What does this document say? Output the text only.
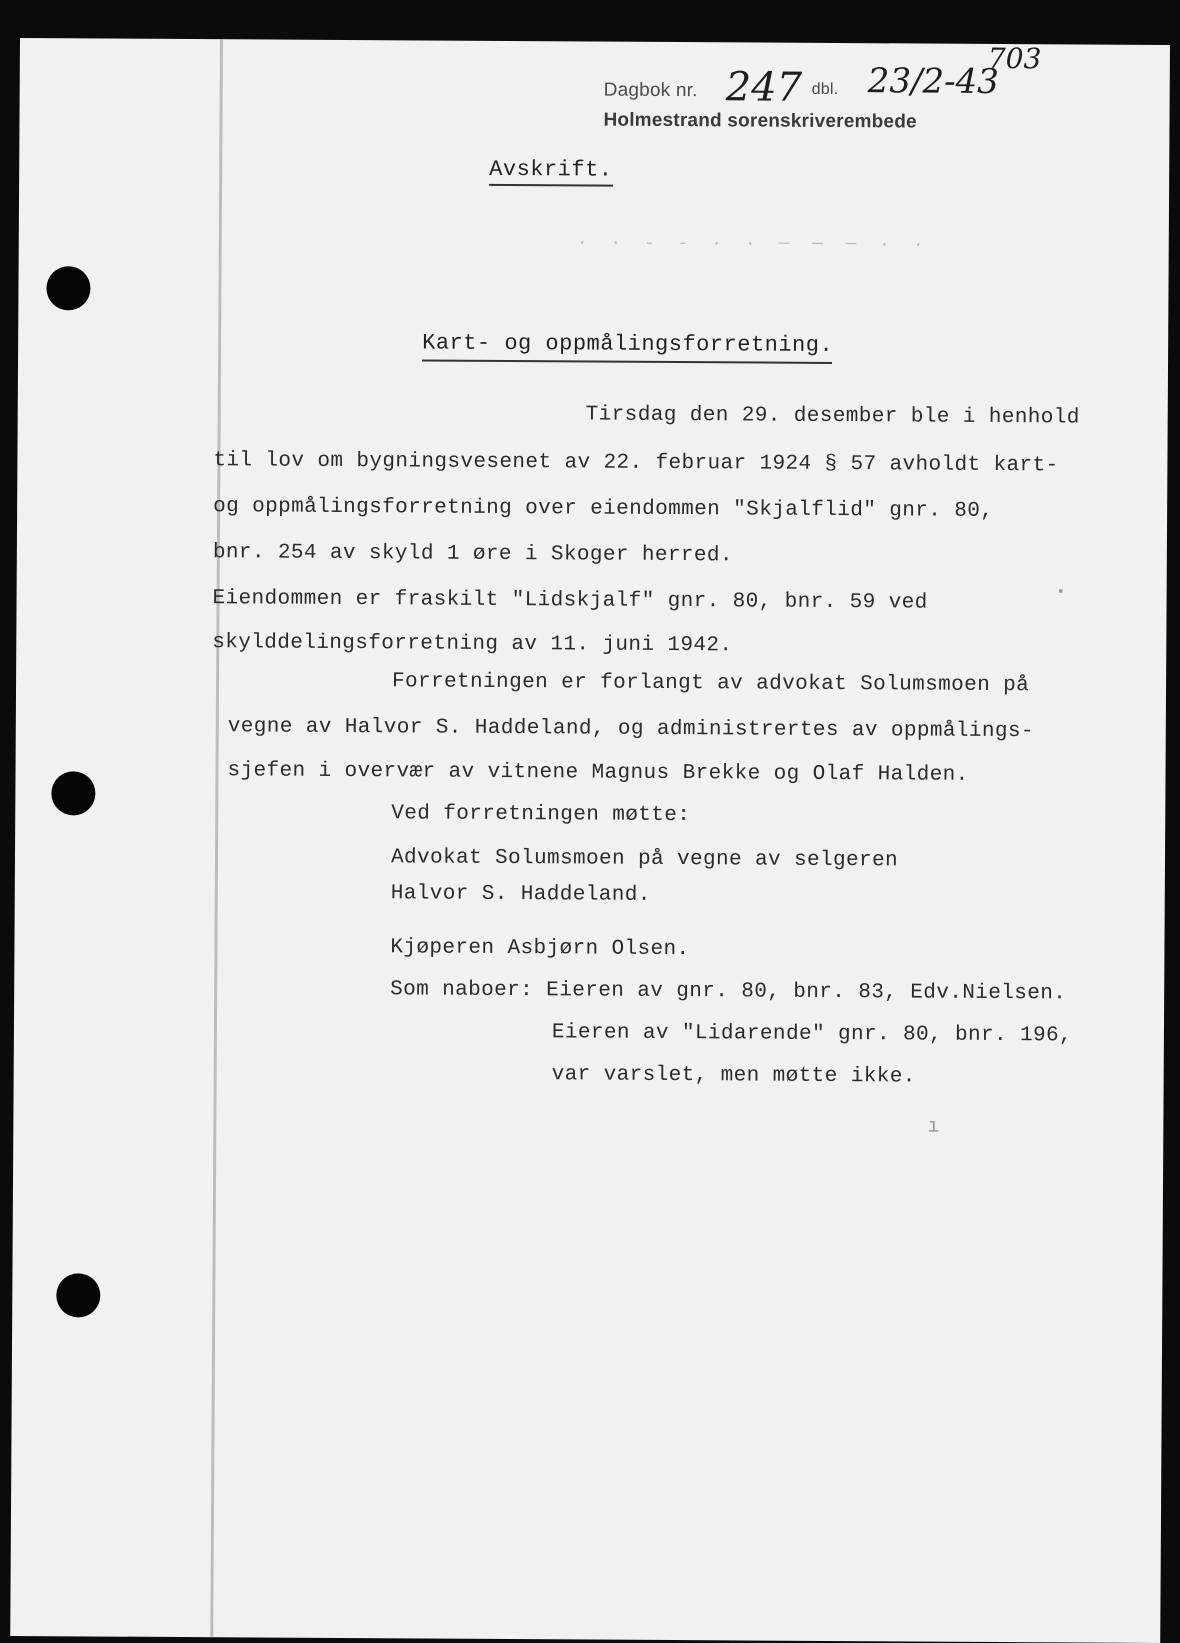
Dagbok nr. 247 dbl. 23/2-43
703
Holmestrand sorenskriverembede
Avskrift.
· · - - · · ─ ─ ─ · ·
Kart- og oppmålingsforretning.
Tirsdag den 29. desember ble i henhold
til lov om bygningsvesenet av 22. februar 1924 § 57 avholdt kart-
og oppmålingsforretning over eiendommen "Skjalflid" gnr. 80,
bnr. 254 av skyld 1 øre i Skoger herred.
Eiendommen er fraskilt "Lidskjalf" gnr. 80, bnr. 59 ved
skylddelingsforretning av 11. juni 1942.
Forretningen er forlangt av advokat Solumsmoen på
vegne av Halvor S. Haddeland, og administrertes av oppmålings-
sjefen i overvær av vitnene Magnus Brekke og Olaf Halden.
Ved forretningen møtte:
Advokat Solumsmoen på vegne av selgeren
Halvor S. Haddeland.
Kjøperen Asbjørn Olsen.
Som naboer: Eieren av gnr. 80, bnr. 83, Edv.Nielsen.
Eieren av "Lidarende" gnr. 80, bnr. 196,
var varslet, men møtte ikke.
▪
ı
